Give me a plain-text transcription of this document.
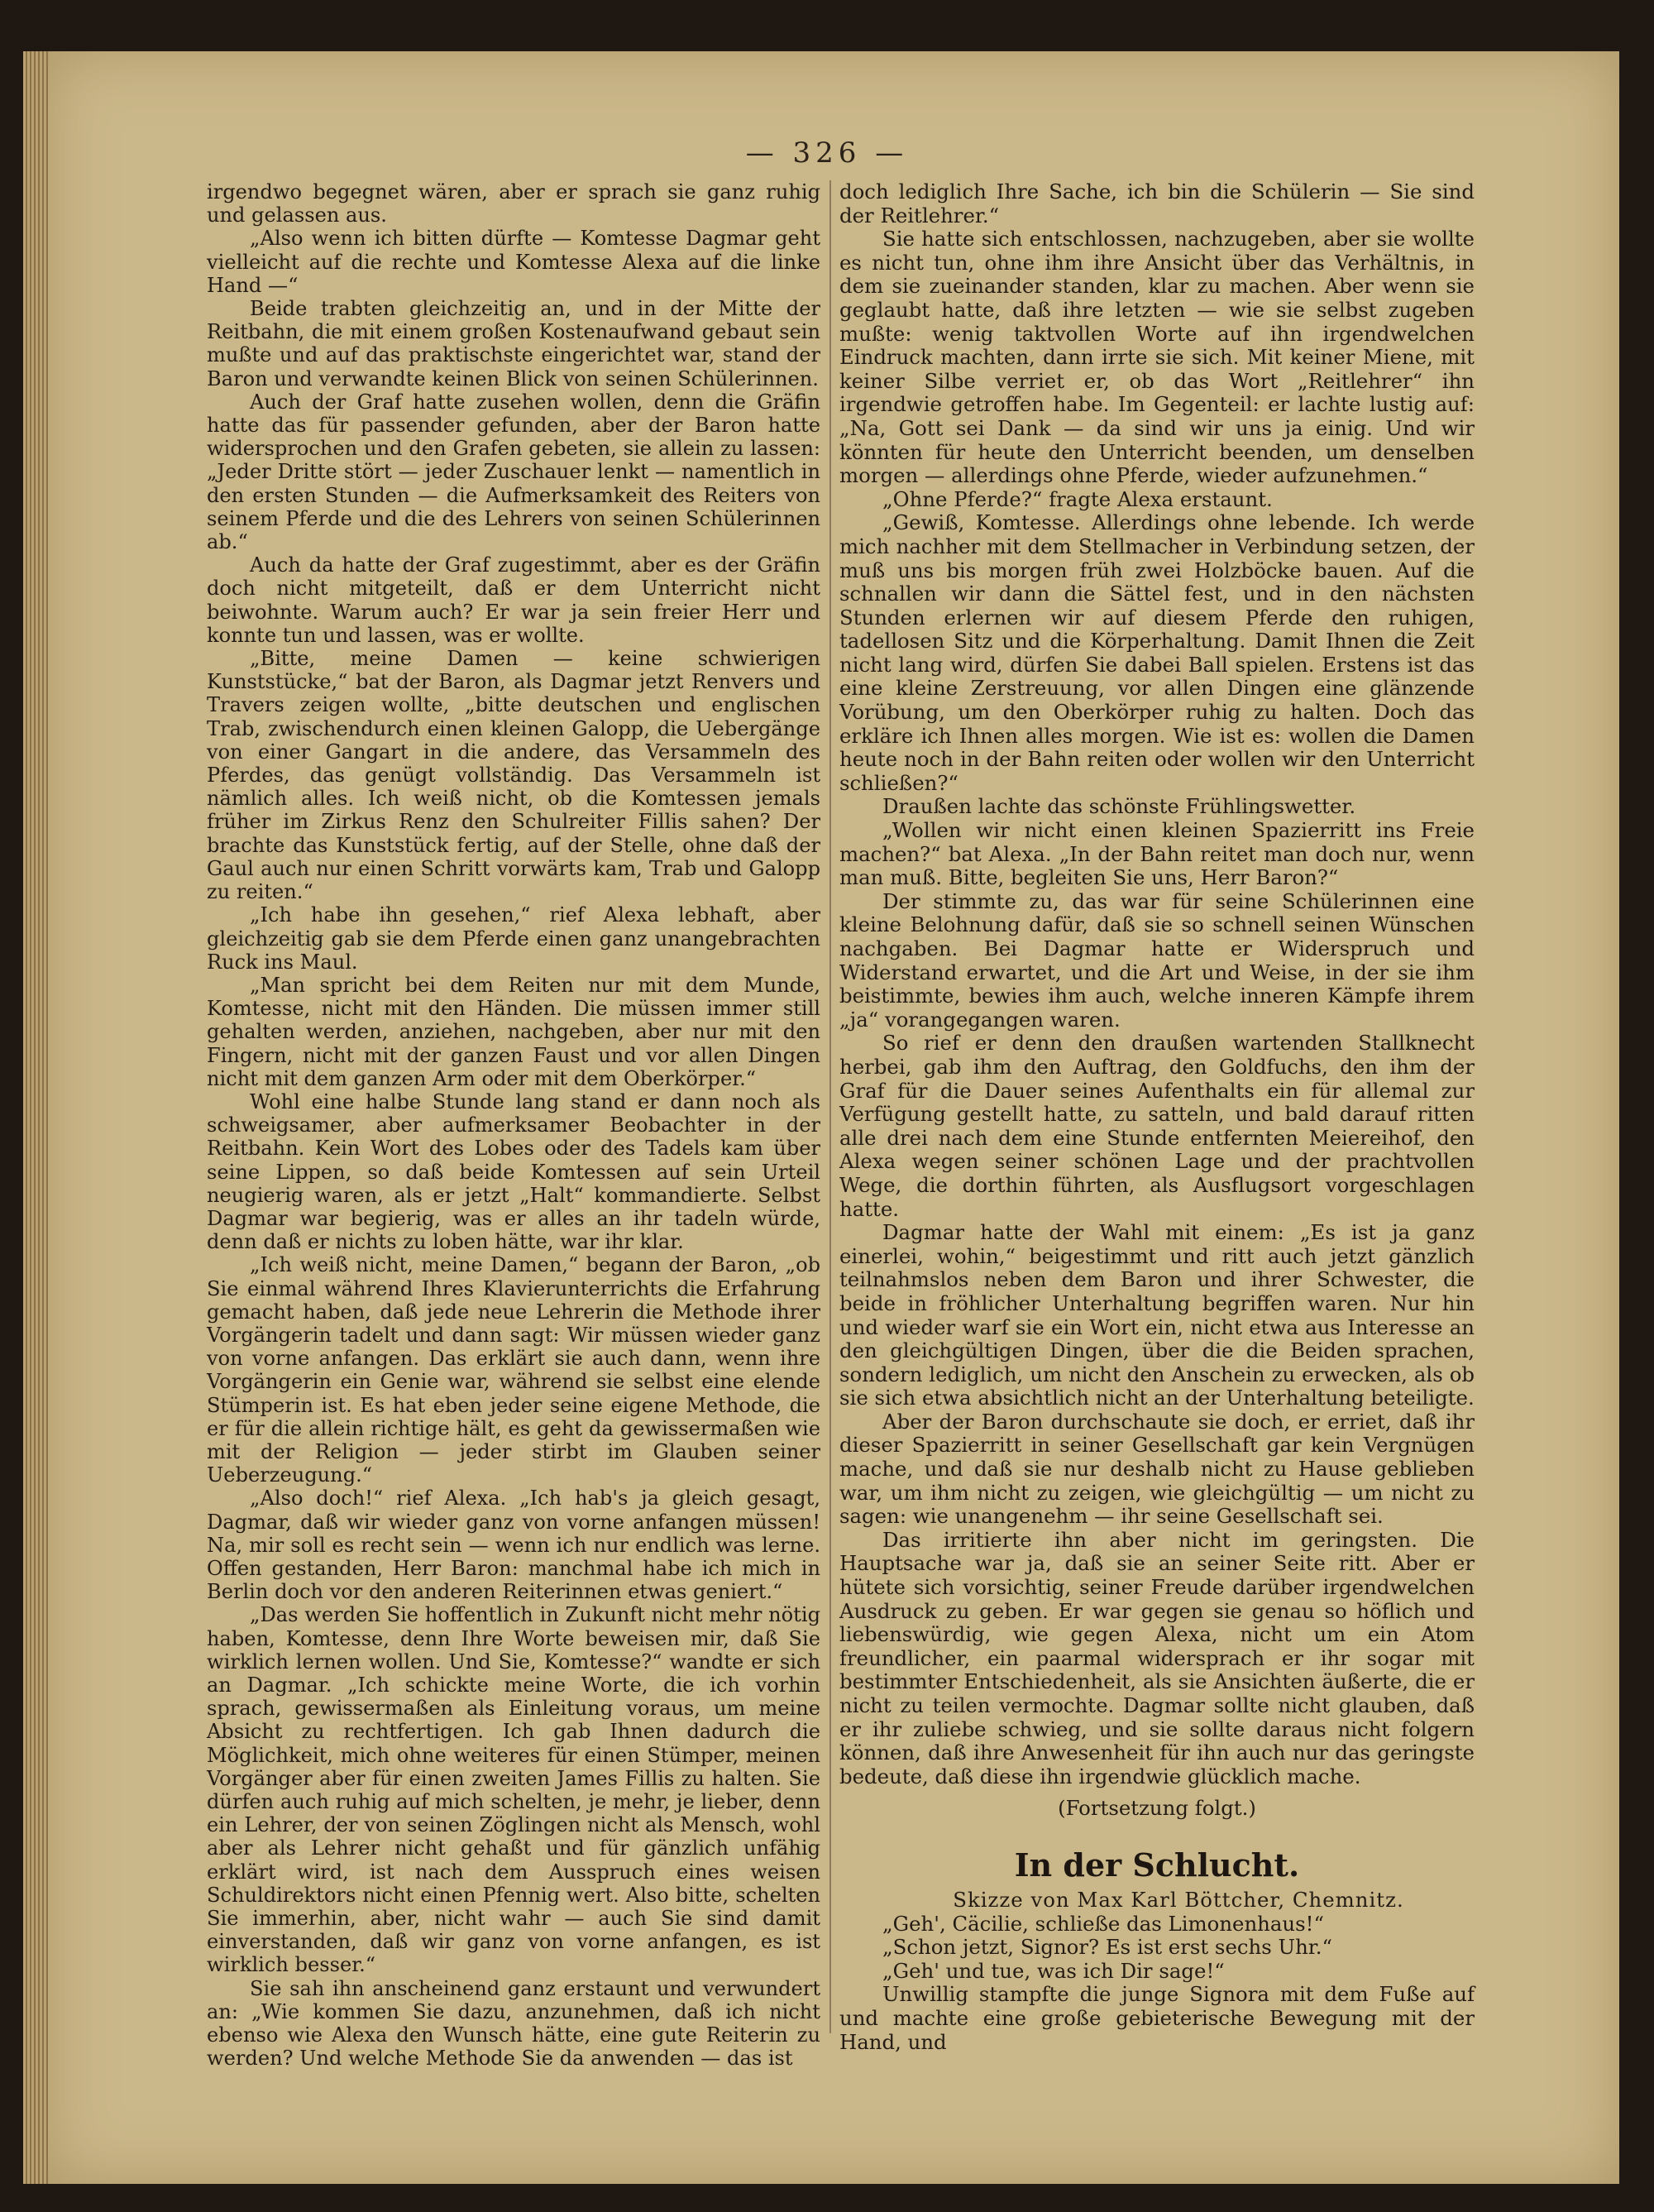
— 326 —

irgendwo begegnet wären, aber er sprach sie ganz ruhig und gelassen aus.

„Also wenn ich bitten dürfte — Komtesse Dagmar geht vielleicht auf die rechte und Komtesse Alexa auf die linke Hand —“

Beide trabten gleichzeitig an, und in der Mitte der Reitbahn, die mit einem großen Kostenaufwand gebaut sein mußte und auf das praktischste eingerichtet war, stand der Baron und verwandte keinen Blick von seinen Schülerinnen.

Auch der Graf hatte zusehen wollen, denn die Gräfin hatte das für passender gefunden, aber der Baron hatte widersprochen und den Grafen gebeten, sie allein zu lassen: „Jeder Dritte stört — jeder Zuschauer lenkt — namentlich in den ersten Stunden — die Aufmerksamkeit des Reiters von seinem Pferde und die des Lehrers von seinen Schülerinnen ab.“

Auch da hatte der Graf zugestimmt, aber es der Gräfin doch nicht mitgeteilt, daß er dem Unterricht nicht beiwohnte. Warum auch? Er war ja sein freier Herr und konnte tun und lassen, was er wollte.

„Bitte, meine Damen — keine schwierigen Kunststücke,“ bat der Baron, als Dagmar jetzt Renvers und Travers zeigen wollte, „bitte deutschen und englischen Trab, zwischendurch einen kleinen Galopp, die Uebergänge von einer Gangart in die andere, das Versammeln des Pferdes, das genügt vollständig. Das Versammeln ist nämlich alles. Ich weiß nicht, ob die Komtessen jemals früher im Zirkus Renz den Schulreiter Fillis sahen? Der brachte das Kunststück fertig, auf der Stelle, ohne daß der Gaul auch nur einen Schritt vorwärts kam, Trab und Galopp zu reiten.“

„Ich habe ihn gesehen,“ rief Alexa lebhaft, aber gleichzeitig gab sie dem Pferde einen ganz unangebrachten Ruck ins Maul.

„Man spricht bei dem Reiten nur mit dem Munde, Komtesse, nicht mit den Händen. Die müssen immer still gehalten werden, anziehen, nachgeben, aber nur mit den Fingern, nicht mit der ganzen Faust und vor allen Dingen nicht mit dem ganzen Arm oder mit dem Oberkörper.“

Wohl eine halbe Stunde lang stand er dann noch als schweigsamer, aber aufmerksamer Beobachter in der Reitbahn. Kein Wort des Lobes oder des Tadels kam über seine Lippen, so daß beide Komtessen auf sein Urteil neugierig waren, als er jetzt „Halt“ kommandierte. Selbst Dagmar war begierig, was er alles an ihr tadeln würde, denn daß er nichts zu loben hätte, war ihr klar.

„Ich weiß nicht, meine Damen,“ begann der Baron, „ob Sie einmal während Ihres Klavierunterrichts die Erfahrung gemacht haben, daß jede neue Lehrerin die Methode ihrer Vorgängerin tadelt und dann sagt: Wir müssen wieder ganz von vorne anfangen. Das erklärt sie auch dann, wenn ihre Vorgängerin ein Genie war, während sie selbst eine elende Stümperin ist. Es hat eben jeder seine eigene Methode, die er für die allein richtige hält, es geht da gewissermaßen wie mit der Religion — jeder stirbt im Glauben seiner Ueberzeugung.“

„Also doch!“ rief Alexa. „Ich hab's ja gleich gesagt, Dagmar, daß wir wieder ganz von vorne anfangen müssen! Na, mir soll es recht sein — wenn ich nur endlich was lerne. Offen gestanden, Herr Baron: manchmal habe ich mich in Berlin doch vor den anderen Reiterinnen etwas geniert.“

„Das werden Sie hoffentlich in Zukunft nicht mehr nötig haben, Komtesse, denn Ihre Worte beweisen mir, daß Sie wirklich lernen wollen. Und Sie, Komtesse?“ wandte er sich an Dagmar. „Ich schickte meine Worte, die ich vorhin sprach, gewissermaßen als Einleitung voraus, um meine Absicht zu rechtfertigen. Ich gab Ihnen dadurch die Möglichkeit, mich ohne weiteres für einen Stümper, meinen Vorgänger aber für einen zweiten James Fillis zu halten. Sie dürfen auch ruhig auf mich schelten, je mehr, je lieber, denn ein Lehrer, der von seinen Zöglingen nicht als Mensch, wohl aber als Lehrer nicht gehaßt und für gänzlich unfähig erklärt wird, ist nach dem Ausspruch eines weisen Schuldirektors nicht einen Pfennig wert. Also bitte, schelten Sie immerhin, aber, nicht wahr — auch Sie sind damit einverstanden, daß wir ganz von vorne anfangen, es ist wirklich besser.“

Sie sah ihn anscheinend ganz erstaunt und verwundert an: „Wie kommen Sie dazu, anzunehmen, daß ich nicht ebenso wie Alexa den Wunsch hätte, eine gute Reiterin zu werden? Und welche Methode Sie da anwenden — das ist

doch lediglich Ihre Sache, ich bin die Schülerin — Sie sind der Reitlehrer.“

Sie hatte sich entschlossen, nachzugeben, aber sie wollte es nicht tun, ohne ihm ihre Ansicht über das Verhältnis, in dem sie zueinander standen, klar zu machen. Aber wenn sie geglaubt hatte, daß ihre letzten — wie sie selbst zugeben mußte: wenig taktvollen Worte auf ihn irgendwelchen Eindruck machten, dann irrte sie sich. Mit keiner Miene, mit keiner Silbe verriet er, ob das Wort „Reitlehrer“ ihn irgendwie getroffen habe. Im Gegenteil: er lachte lustig auf: „Na, Gott sei Dank — da sind wir uns ja einig. Und wir könnten für heute den Unterricht beenden, um denselben morgen — allerdings ohne Pferde, wieder aufzunehmen.“

„Ohne Pferde?“ fragte Alexa erstaunt.

„Gewiß, Komtesse. Allerdings ohne lebende. Ich werde mich nachher mit dem Stellmacher in Verbindung setzen, der muß uns bis morgen früh zwei Holzböcke bauen. Auf die schnallen wir dann die Sättel fest, und in den nächsten Stunden erlernen wir auf diesem Pferde den ruhigen, tadellosen Sitz und die Körperhaltung. Damit Ihnen die Zeit nicht lang wird, dürfen Sie dabei Ball spielen. Erstens ist das eine kleine Zerstreuung, vor allen Dingen eine glänzende Vorübung, um den Oberkörper ruhig zu halten. Doch das erkläre ich Ihnen alles morgen. Wie ist es: wollen die Damen heute noch in der Bahn reiten oder wollen wir den Unterricht schließen?“

Draußen lachte das schönste Frühlingswetter.

„Wollen wir nicht einen kleinen Spazierritt ins Freie machen?“ bat Alexa. „In der Bahn reitet man doch nur, wenn man muß. Bitte, begleiten Sie uns, Herr Baron?“

Der stimmte zu, das war für seine Schülerinnen eine kleine Belohnung dafür, daß sie so schnell seinen Wünschen nachgaben. Bei Dagmar hatte er Widerspruch und Widerstand erwartet, und die Art und Weise, in der sie ihm beistimmte, bewies ihm auch, welche inneren Kämpfe ihrem „ja“ vorangegangen waren.

So rief er denn den draußen wartenden Stallknecht herbei, gab ihm den Auftrag, den Goldfuchs, den ihm der Graf für die Dauer seines Aufenthalts ein für allemal zur Verfügung gestellt hatte, zu satteln, und bald darauf ritten alle drei nach dem eine Stunde entfernten Meiereihof, den Alexa wegen seiner schönen Lage und der prachtvollen Wege, die dorthin führten, als Ausflugsort vorgeschlagen hatte.

Dagmar hatte der Wahl mit einem: „Es ist ja ganz einerlei, wohin,“ beigestimmt und ritt auch jetzt gänzlich teilnahmslos neben dem Baron und ihrer Schwester, die beide in fröhlicher Unterhaltung begriffen waren. Nur hin und wieder warf sie ein Wort ein, nicht etwa aus Interesse an den gleichgültigen Dingen, über die die Beiden sprachen, sondern lediglich, um nicht den Anschein zu erwecken, als ob sie sich etwa absichtlich nicht an der Unterhaltung beteiligte.

Aber der Baron durchschaute sie doch, er erriet, daß ihr dieser Spazierritt in seiner Gesellschaft gar kein Vergnügen mache, und daß sie nur deshalb nicht zu Hause geblieben war, um ihm nicht zu zeigen, wie gleichgültig — um nicht zu sagen: wie unangenehm — ihr seine Gesellschaft sei.

Das irritierte ihn aber nicht im geringsten. Die Hauptsache war ja, daß sie an seiner Seite ritt. Aber er hütete sich vorsichtig, seiner Freude darüber irgendwelchen Ausdruck zu geben. Er war gegen sie genau so höflich und liebenswürdig, wie gegen Alexa, nicht um ein Atom freundlicher, ein paarmal widersprach er ihr sogar mit bestimmter Entschiedenheit, als sie Ansichten äußerte, die er nicht zu teilen vermochte. Dagmar sollte nicht glauben, daß er ihr zuliebe schwieg, und sie sollte daraus nicht folgern können, daß ihre Anwesenheit für ihn auch nur das geringste bedeute, daß diese ihn irgendwie glücklich mache.

(Fortsetzung folgt.)

In der Schlucht.

Skizze von Max Karl Böttcher, Chemnitz.

„Geh', Cäcilie, schließe das Limonenhaus!“

„Schon jetzt, Signor? Es ist erst sechs Uhr.“

„Geh' und tue, was ich Dir sage!“

Unwillig stampfte die junge Signora mit dem Fuße auf und machte eine große gebieterische Bewegung mit der Hand, und
